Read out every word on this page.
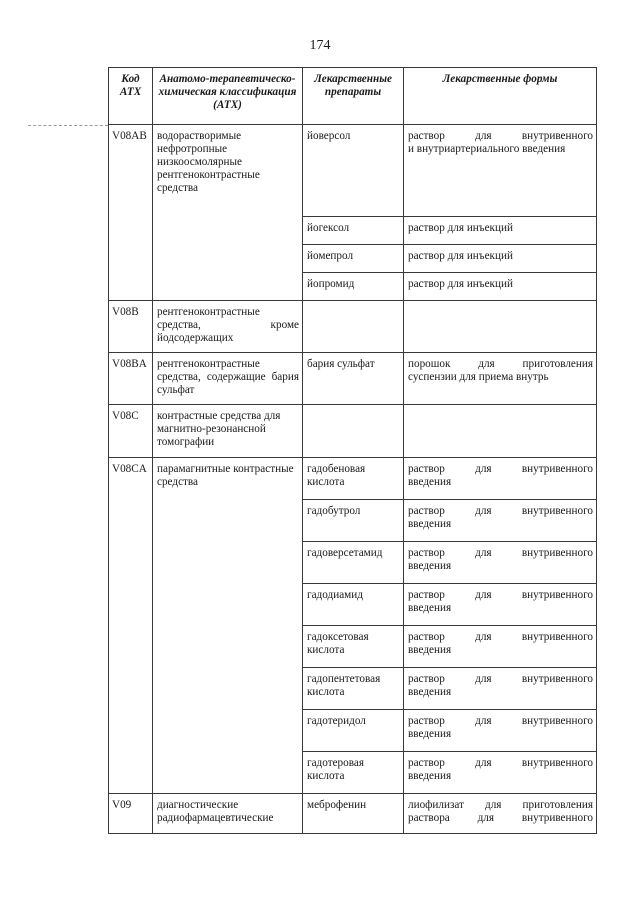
174
Код АТХ	Анатомо-терапевтическо-химическая классификация (АТХ)	Лекарственные препараты	Лекарственные формы
V08AB	водорастворимые нефротропные низкоосмолярные рентгеноконтрастные средства	йоверсол	раствор для внутривенного
и внутриартериального введения
		йогексол	раствор для инъекций
		йомепрол	раствор для инъекций
		йопромид	раствор для инъекций
V08B	рентгеноконтрастные средства, кроме йодсодержащих		
V08BA	рентгеноконтрастные средства, содержащие бария сульфат	бария сульфат	порошок для приготовления
суспензии для приема внутрь
V08C	контрастные средства для магнитно-резонансной томографии		
V08CA	парамагнитные контрастные средства	гадобеновая кислота	раствор для внутривенного
введения
		гадобутрол	раствор для внутривенного
введения
		гадоверсетамид	раствор для внутривенного
введения
		гадодиамид	раствор для внутривенного
введения
		гадоксетовая кислота	раствор для внутривенного
введения
		гадопентетовая кислота	раствор для внутривенного
введения
		гадотеридол	раствор для внутривенного
введения
		гадотеровая кислота	раствор для внутривенного
введения
V09	диагностические радиофармацевтические	меброфенин	лиофилизат для приготовления
раствора для внутривенного
